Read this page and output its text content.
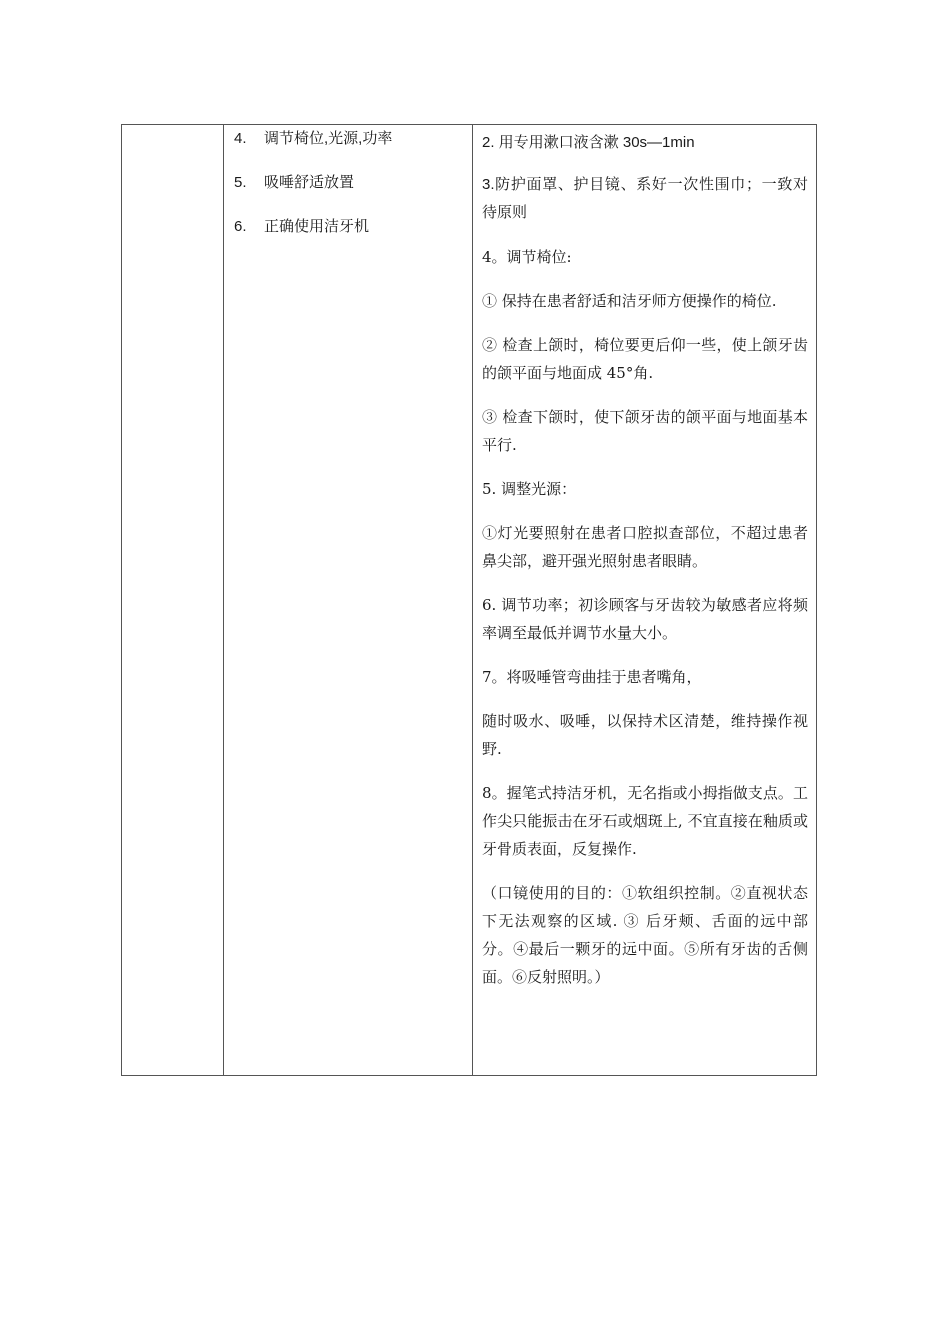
4.	调节椅位,光源,功率
5.	吸唾舒适放置
6.	正确使用洁牙机

2. 用专用漱口液含漱 30s—1min

3.防护面罩、护目镜、系好一次性围巾；一致对待原则

4。调节椅位:

① 保持在患者舒适和洁牙师方便操作的椅位.

② 检查上颌时，椅位要更后仰一些，使上颌牙齿的颌平面与地面成 45°角.

③ 检查下颌时，使下颌牙齿的颌平面与地面基本平行.

5. 调整光源：

①灯光要照射在患者口腔拟查部位，不超过患者鼻尖部，避开强光照射患者眼睛。

6. 调节功率；初诊顾客与牙齿较为敏感者应将频率调至最低并调节水量大小。

7。将吸唾管弯曲挂于患者嘴角，

随时吸水、吸唾，以保持术区清楚，维持操作视野.

8。握笔式持洁牙机，无名指或小拇指做支点。工作尖只能振击在牙石或烟斑上, 不宜直接在釉质或牙骨质表面，反复操作.

（口镜使用的目的：①软组织控制。②直视状态下无法观察的区域. ③ 后牙颊、舌面的远中部分。④最后一颗牙的远中面。⑤所有牙齿的舌侧面。⑥反射照明。）
